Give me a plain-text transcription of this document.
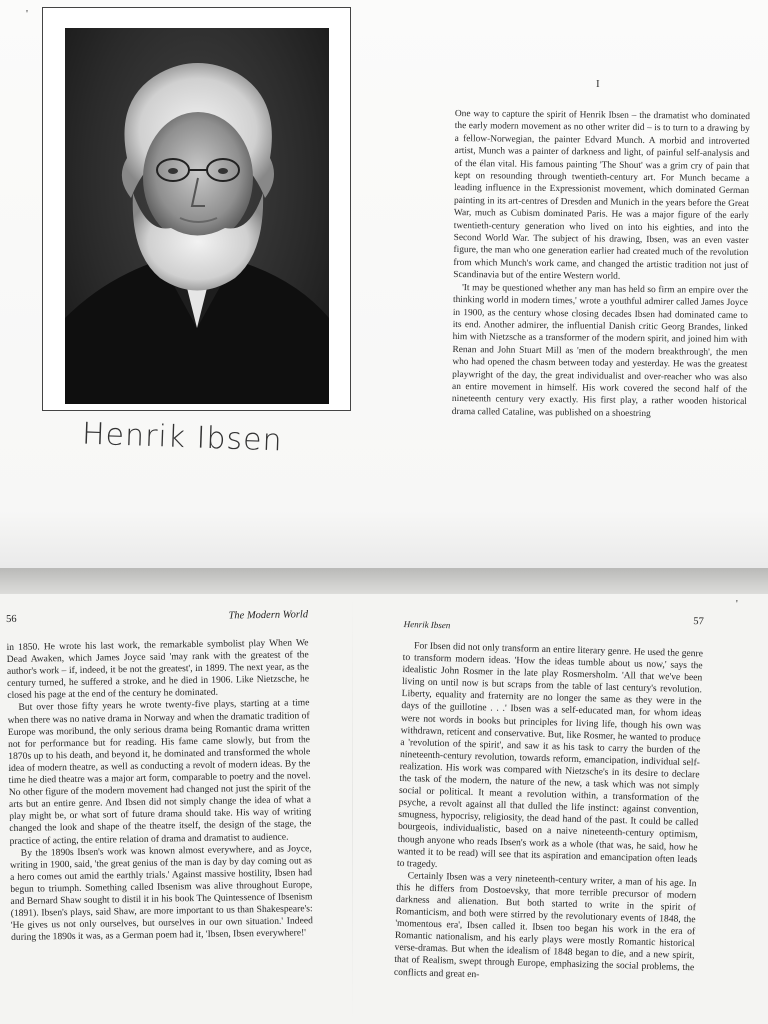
'
Henrik Ibsen
I

One way to capture the spirit of Henrik Ibsen – the dramatist who dominated the early modern movement as no other writer did – is to turn to a drawing by a fellow-Norwegian, the painter Edvard Munch. A morbid and introverted artist, Munch was a painter of darkness and light, of painful self-analysis and of the élan vital. His famous painting 'The Shout' was a grim cry of pain that kept on resounding through twentieth-century art. For Munch became a leading influence in the Expressionist movement, which dominated German painting in its art-centres of Dresden and Munich in the years before the Great War, much as Cubism dominated Paris. He was a major figure of the early twentieth-century generation who lived on into his eighties, and into the Second World War. The subject of his drawing, Ibsen, was an even vaster figure, the man who one generation earlier had created much of the revolution from which Munch's work came, and changed the artistic tradition not just of Scandinavia but of the entire Western world.

'It may be questioned whether any man has held so firm an empire over the thinking world in modern times,' wrote a youthful admirer called James Joyce in 1900, as the century whose closing decades Ibsen had dominated came to its end. Another admirer, the influential Danish critic Georg Brandes, linked him with Nietzsche as a transformer of the modern spirit, and joined him with Renan and John Stuart Mill as 'men of the modern breakthrough', the men who had opened the chasm between today and yesterday. He was the greatest playwright of the day, the great individualist and over-reacher who was also an entire movement in himself. His work covered the second half of the nineteenth century very exactly. His first play, a rather wooden historical drama called Cataline, was published on a shoestring

'
56	The Modern World

in 1850. He wrote his last work, the remarkable symbolist play When We Dead Awaken, which James Joyce said 'may rank with the greatest of the author's work – if, indeed, it be not the greatest', in 1899. The next year, as the century turned, he suffered a stroke, and he died in 1906. Like Nietzsche, he closed his page at the end of the century he dominated.

But over those fifty years he wrote twenty-five plays, starting at a time when there was no native drama in Norway and when the dramatic tradition of Europe was moribund, the only serious drama being Romantic drama written not for performance but for reading. His fame came slowly, but from the 1870s up to his death, and beyond it, he dominated and transformed the whole idea of modern theatre, as well as conducting a revolt of modern ideas. By the time he died theatre was a major art form, comparable to poetry and the novel. No other figure of the modern movement had changed not just the spirit of the arts but an entire genre. And Ibsen did not simply change the idea of what a play might be, or what sort of future drama should take. His way of writing changed the look and shape of the theatre itself, the design of the stage, the practice of acting, the entire relation of drama and dramatist to audience.

By the 1890s Ibsen's work was known almost everywhere, and as Joyce, writing in 1900, said, 'the great genius of the man is day by day coming out as a hero comes out amid the earthly trials.' Against massive hostility, Ibsen had begun to triumph. Something called Ibsenism was alive throughout Europe, and Bernard Shaw sought to distil it in his book The Quintessence of Ibsenism (1891). Ibsen's plays, said Shaw, are more important to us than Shakespeare's: 'He gives us not only ourselves, but ourselves in our own situation.' Indeed during the 1890s it was, as a German poem had it, 'Ibsen, Ibsen everywhere!'

Henrik Ibsen	57

For Ibsen did not only transform an entire literary genre. He used the genre to transform modern ideas. 'How the ideas tumble about us now,' says the idealistic John Rosmer in the late play Rosmersholm. 'All that we've been living on until now is but scraps from the table of last century's revolution. Liberty, equality and fraternity are no longer the same as they were in the days of the guillotine . . .' Ibsen was a self-educated man, for whom ideas were not words in books but principles for living life, though his own was withdrawn, reticent and conservative. But, like Rosmer, he wanted to produce a 'revolution of the spirit', and saw it as his task to carry the burden of the nineteenth-century revolution, towards reform, emancipation, individual self-realization. His work was compared with Nietzsche's in its desire to declare the task of the modern, the nature of the new, a task which was not simply social or political. It meant a revolution within, a transformation of the psyche, a revolt against all that dulled the life instinct: against convention, smugness, hypocrisy, religiosity, the dead hand of the past. It could be called bourgeois, individualistic, based on a naive nineteenth-century optimism, though anyone who reads Ibsen's work as a whole (that was, he said, how he wanted it to be read) will see that its aspiration and emancipation often leads to tragedy.

Certainly Ibsen was a very nineteenth-century writer, a man of his age. In this he differs from Dostoevsky, that more terrible precursor of modern darkness and alienation. But both started to write in the spirit of Romanticism, and both were stirred by the revolutionary events of 1848, the 'momentous era', Ibsen called it. Ibsen too began his work in the era of Romantic nationalism, and his early plays were mostly Romantic historical verse-dramas. But when the idealism of 1848 began to die, and a new spirit, that of Realism, swept through Europe, emphasizing the social problems, the conflicts and great en-
